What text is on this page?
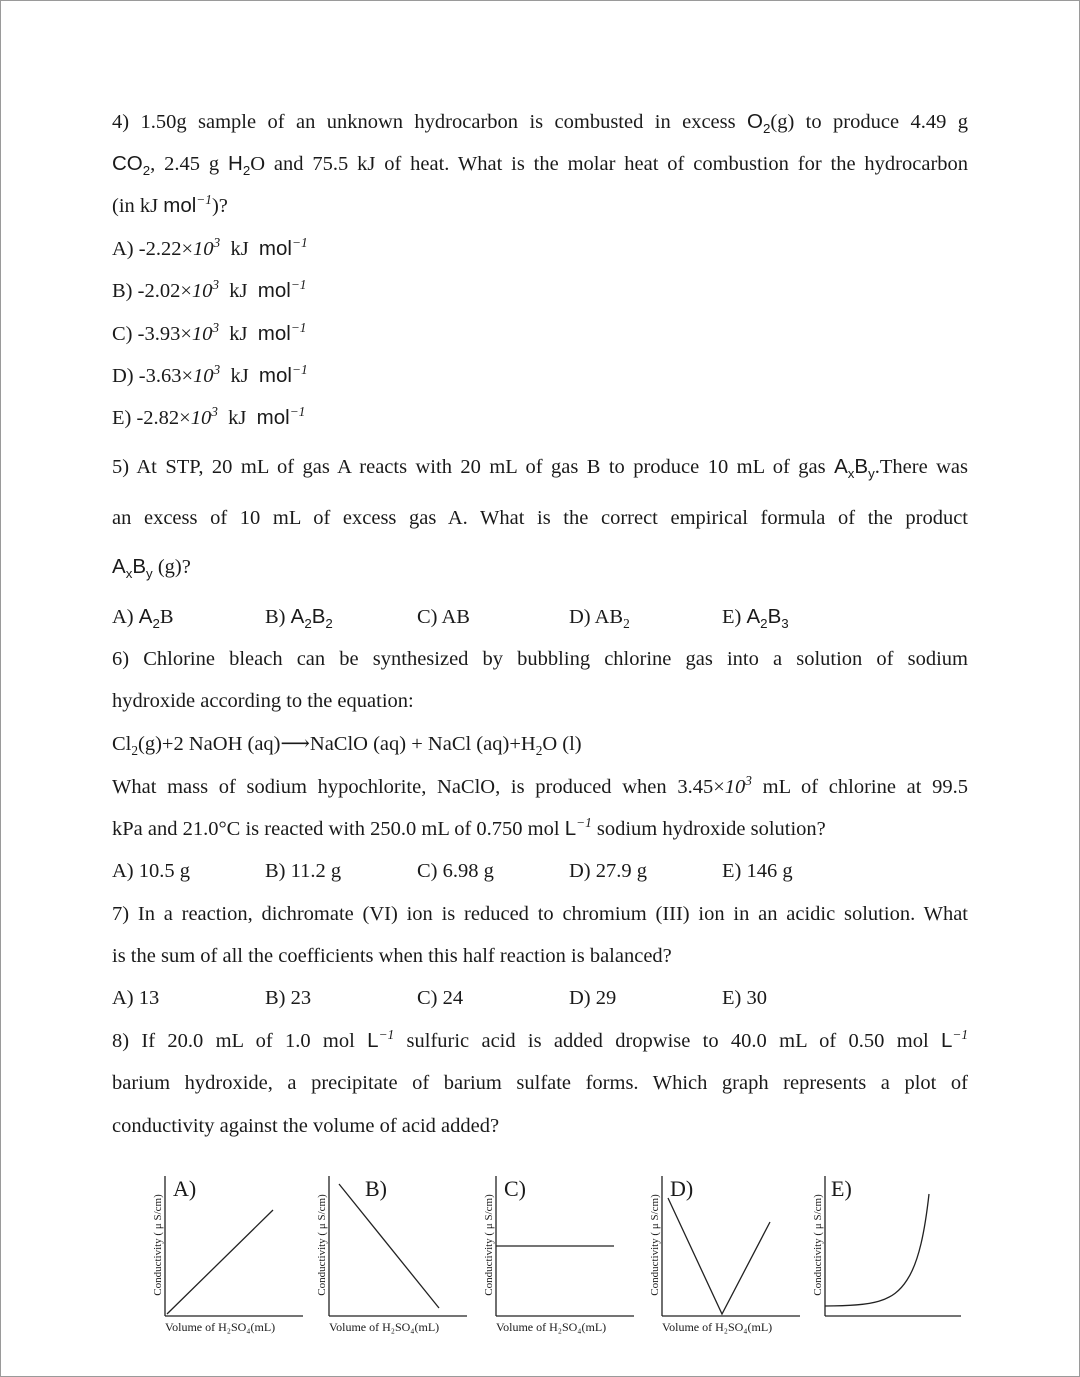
4) 1.50g sample of an unknown hydrocarbon is combusted in excess $O_2(g)$ to produce 4.49 g
$CO_2$, 2.45 g $H_2O$ and 75.5 kJ of heat. What is the molar heat of combustion for the hydrocarbon
(in kJ mol$^{-1}$)?
A) $-2.22\times 10^3$ kJ mol$^{-1}$
B) $-2.02\times 10^3$ kJ mol$^{-1}$
C) $-3.93\times 10^3$ kJ mol$^{-1}$
D) $-3.63\times 10^3$ kJ mol$^{-1}$
E) $-2.82\times 10^3$ kJ mol$^{-1}$
5) At STP, 20 mL of gas A reacts with 20 mL of gas B to produce 10 mL of gas $A_xB_y.There$ was
an excess of 10 mL of excess gas A. What is the correct empirical formula of the product
$A_xB_y$ (g)?
A) $A_2B$	B) $A_2B_2$	C) AB	D) $AB_2$	E) $A_2B_3$
6) Chlorine bleach can be synthesized by bubbling chlorine gas into a solution of sodium
hydroxide according to the equation:
$Cl_2(g)+2$ NaOH (aq)⟶NaClO (aq) + NaCl $(aq)+H_2O$ (l)
What mass of sodium hypochlorite, NaClO, is produced when $3.45\times 10^3$ mL of chlorine at 99.5
kPa and 21.0°C is reacted with 250.0 mL of 0.750 mol $L^{-1}$ sodium hydroxide solution?
A) 10.5 g	B) 11.2 g	C) 6.98 g	D) 27.9 g	E) 146 g
7) In a reaction, dichromate (VI) ion is reduced to chromium (III) ion in an acidic solution. What
is the sum of all the coefficients when this half reaction is balanced?
A) 13	B) 23	C) 24	D) 29	E) 30
8) If 20.0 mL of 1.0 mol $L^{-1}$ sulfuric acid is added dropwise to 40.0 mL of 0.50 mol $L^{-1}$
barium hydroxide, a precipitate of barium sulfate forms. Which graph represents a plot of
conductivity against the volume of acid added?
Conductivity ( μ S/cm)
A)
Volume of H₂SO₄(mL)
Conductivity ( μ S/cm)
B)
Volume of H₂SO₄(mL)
Conductivity ( μ S/cm)
C)
Volume of H₂SO₄(mL)
Conductivity ( μ S/cm)
D)
Volume of H₂SO₄(mL)
Conductivity ( μ S/cm)
E)
